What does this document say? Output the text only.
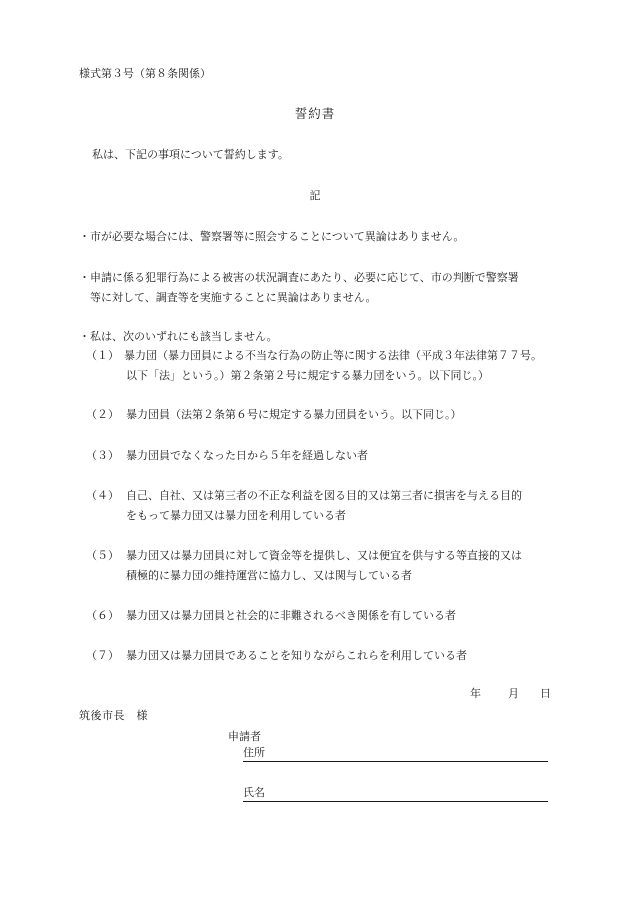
様式第３号（第８条関係）
誓約書
私は、下記の事項について誓約します。
記
・市が必要な場合には、警察署等に照会することについて異論はありません。
・申請に係る犯罪行為による被害の状況調査にあたり、必要に応じて、市の判断で警察署
等に対して、調査等を実施することに異論はありません。
・私は、次のいずれにも該当しません。
（１） 暴力団（暴力団員による不当な行為の防止等に関する法律（平成３年法律第７７号。
以下「法」という。）第２条第２号に規定する暴力団をいう。以下同じ。）
（２） 暴力団員（法第２条第６号に規定する暴力団員をいう。以下同じ。）
（３） 暴力団員でなくなった日から５年を経過しない者
（４） 自己、自社、又は第三者の不正な利益を図る目的又は第三者に損害を与える目的
をもって暴力団又は暴力団を利用している者
（５） 暴力団又は暴力団員に対して資金等を提供し、又は便宜を供与する等直接的又は
積極的に暴力団の維持運営に協力し、又は関与している者
（６） 暴力団又は暴力団員と社会的に非難されるべき関係を有している者
（７） 暴力団又は暴力団員であることを知りながらこれらを利用している者
年 月 日
筑後市長　様
申請者
住所
氏名
